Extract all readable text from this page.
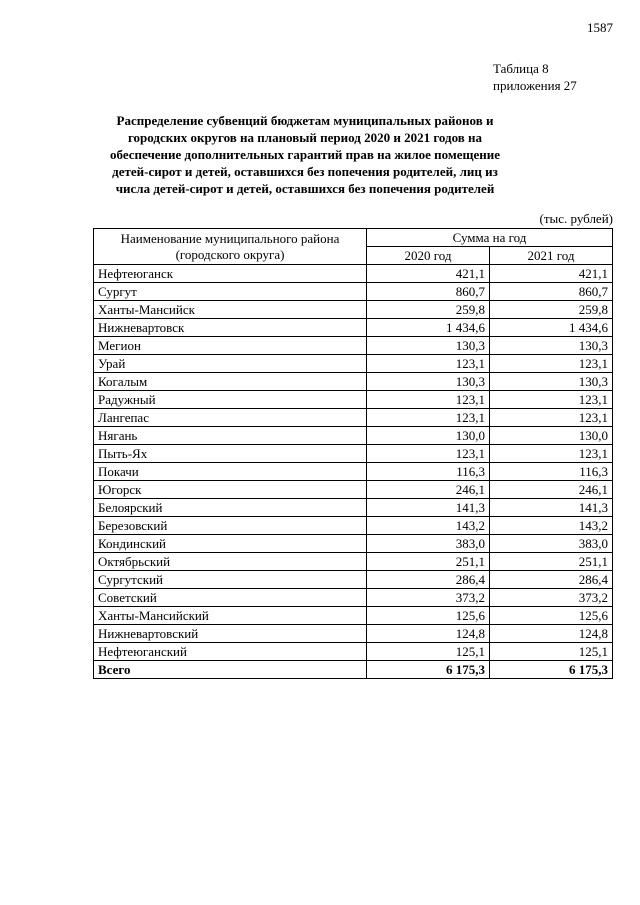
1587
Таблица 8
приложения 27
Распределение субвенций бюджетам муниципальных районов и городских округов на плановый период 2020 и 2021 годов на обеспечение дополнительных гарантий прав на жилое помещение детей-сирот и детей, оставшихся без попечения родителей, лиц из числа детей-сирот и детей, оставшихся без попечения родителей
(тыс. рублей)
Наименование муниципального района (городского округа)	Сумма на год	
	2020 год	2021 год
Нефтеюганск	421,1	421,1
Сургут	860,7	860,7
Ханты-Мансийск	259,8	259,8
Нижневартовск	1 434,6	1 434,6
Мегион	130,3	130,3
Урай	123,1	123,1
Когалым	130,3	130,3
Радужный	123,1	123,1
Лангепас	123,1	123,1
Нягань	130,0	130,0
Пыть-Ях	123,1	123,1
Покачи	116,3	116,3
Югорск	246,1	246,1
Белоярский	141,3	141,3
Березовский	143,2	143,2
Кондинский	383,0	383,0
Октябрьский	251,1	251,1
Сургутский	286,4	286,4
Советский	373,2	373,2
Ханты-Мансийский	125,6	125,6
Нижневартовский	124,8	124,8
Нефтеюганский	125,1	125,1
Всего	6 175,3	6 175,3
